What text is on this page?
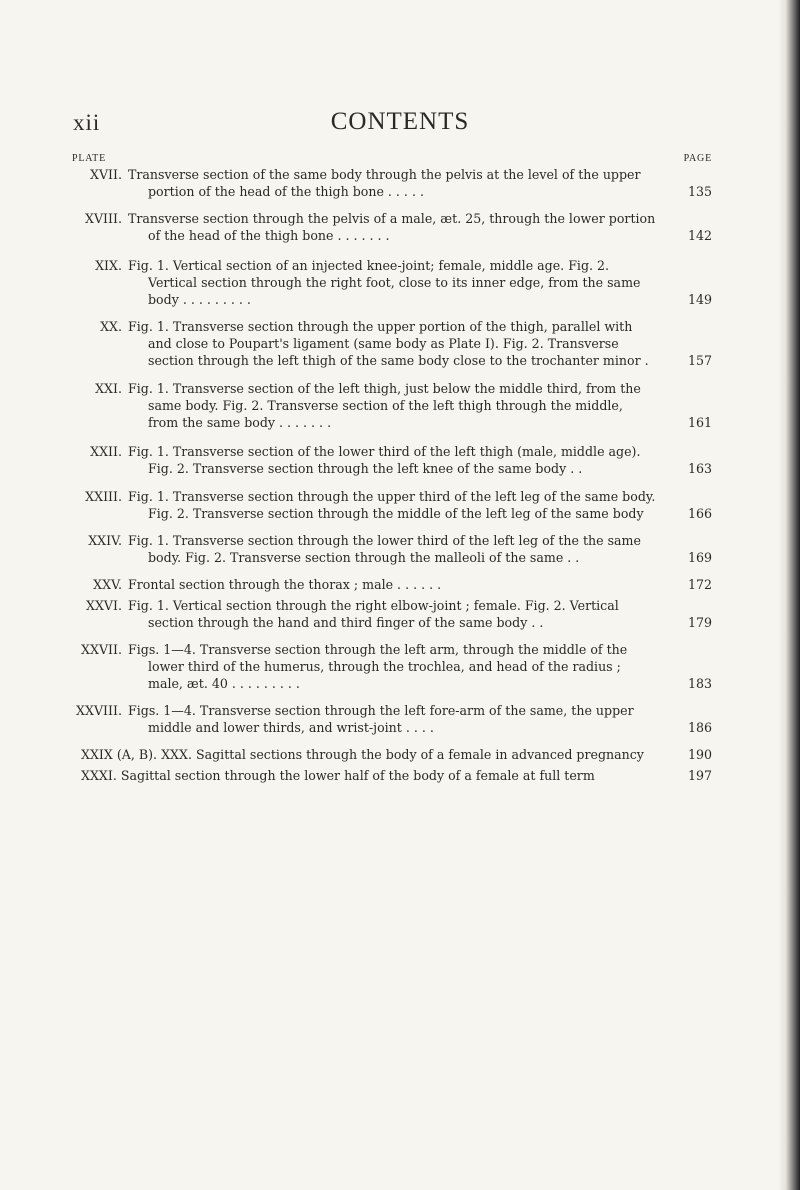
xii	CONTENTS
PLATE	PAGE
XVII. Transverse section of the same body through the pelvis at the level of the upper
portion of the head of the thigh bone . . . . .	135
XVIII. Transverse section through the pelvis of a male, æt. 25, through the lower portion
of the head of the thigh bone . . . . . . .	142
XIX. Fig. 1. Vertical section of an injected knee-joint; female, middle age. Fig. 2.
Vertical section through the right foot, close to its inner edge, from the same
body . . . . . . . . .	149
XX. Fig. 1. Transverse section through the upper portion of the thigh, parallel with
and close to Poupart's ligament (same body as Plate I). Fig. 2. Transverse
section through the left thigh of the same body close to the trochanter minor .	157
XXI. Fig. 1. Transverse section of the left thigh, just below the middle third, from the
same body. Fig. 2. Transverse section of the left thigh through the middle,
from the same body . . . . . . .	161
XXII. Fig. 1. Transverse section of the lower third of the left thigh (male, middle age).
Fig. 2. Transverse section through the left knee of the same body . .	163
XXIII. Fig. 1. Transverse section through the upper third of the left leg of the same body.
Fig. 2. Transverse section through the middle of the left leg of the same body	166
XXIV. Fig. 1. Transverse section through the lower third of the left leg of the the same
body. Fig. 2. Transverse section through the malleoli of the same . .	169
XXV. Frontal section through the thorax ; male . . . . . .	172
XXVI. Fig. 1. Vertical section through the right elbow-joint ; female. Fig. 2. Vertical
section through the hand and third finger of the same body . .	179
XXVII. Figs. 1—4. Transverse section through the left arm, through the middle of the
lower third of the humerus, through the trochlea, and head of the radius ;
male, æt. 40 . . . . . . . . .	183
XXVIII. Figs. 1—4. Transverse section through the left fore-arm of the same, the upper
middle and lower thirds, and wrist-joint . . . .	186
XXIX (A, B). XXX. Sagittal sections through the body of a female in advanced pregnancy	190
XXXI. Sagittal section through the lower half of the body of a female at full term	197
